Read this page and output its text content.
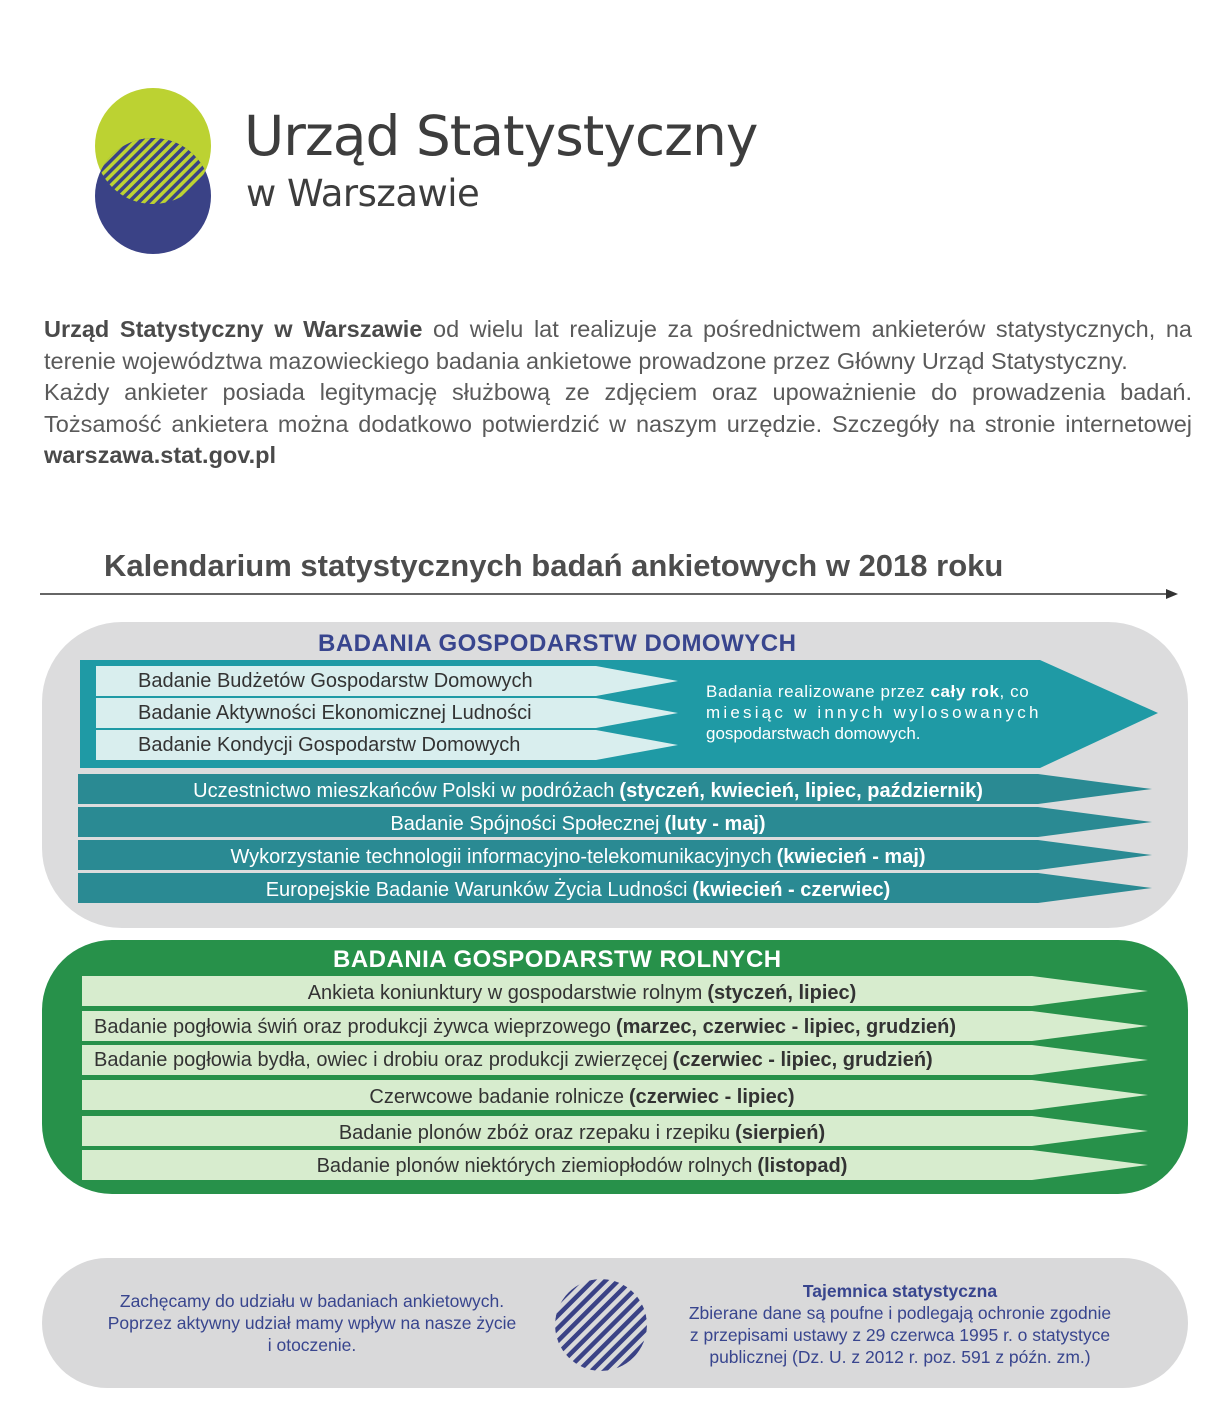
Urząd Statystyczny
w Warszawie

Urząd Statystyczny w Warszawie od wielu lat realizuje za pośrednictwem ankieterów statystycznych, na terenie województwa mazowieckiego badania ankietowe prowadzone przez Główny Urząd Statystyczny.

Każdy ankieter posiada legitymację służbową ze zdjęciem oraz upoważnienie do prowadzenia badań. Tożsamość ankietera można dodatkowo potwierdzić w naszym urzędzie. Szczegóły na stronie internetowej warszawa.stat.gov.pl

Kalendarium statystycznych badań ankietowych w 2018 roku
BADANIA GOSPODARSTW DOMOWYCH
Badanie Budżetów Gospodarstw Domowych
Badanie Aktywności Ekonomicznej Ludności
Badanie Kondycji Gospodarstw Domowych

Badania realizowane przez cały rok, co

miesiąc w innych wylosowanych

gospodarstwach domowych.

Uczestnictwo mieszkańców Polski w podróżach (styczeń, kwiecień, lipiec, październik)
Badanie Spójności Społecznej (luty - maj)
Wykorzystanie technologii informacyjno-telekomunikacyjnych (kwiecień - maj)
Europejskie Badanie Warunków Życia Ludności (kwiecień - czerwiec)
BADANIA GOSPODARSTW ROLNYCH
Ankieta koniunktury w gospodarstwie rolnym (styczeń, lipiec)
Badanie pogłowia świń oraz produkcji żywca wieprzowego (marzec, czerwiec - lipiec, grudzień)
Badanie pogłowia bydła, owiec i drobiu oraz produkcji zwierzęcej (czerwiec - lipiec, grudzień)
Czerwcowe badanie rolnicze (czerwiec - lipiec)
Badanie plonów zbóż oraz rzepaku i rzepiku (sierpień)
Badanie plonów niektórych ziemiopłodów rolnych (listopad)
Zachęcamy do udziału w badaniach ankietowych.
Poprzez aktywny udział mamy wpływ na nasze życie
i otoczenie.
Tajemnica statystyczna
Zbierane dane są poufne i podlegają ochronie zgodnie
z przepisami ustawy z 29 czerwca 1995 r. o statystyce
publicznej (Dz. U. z 2012 r. poz. 591 z późn. zm.)
